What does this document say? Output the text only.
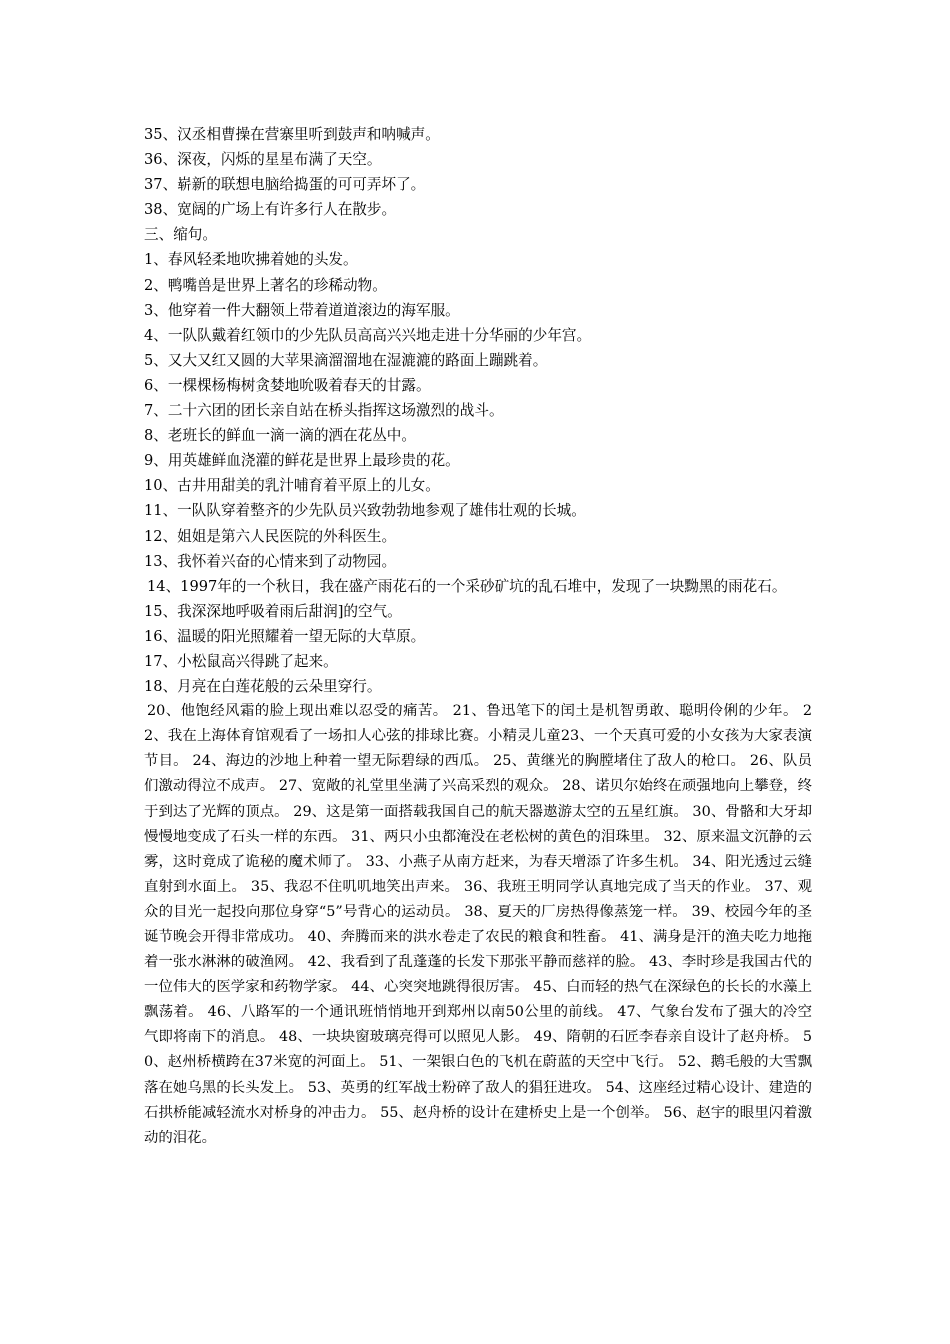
35、汉丞相曹操在营寨里听到鼓声和呐喊声。
36、深夜，闪烁的星星布满了天空。
37、崭新的联想电脑给捣蛋的可可弄坏了。
38、宽阔的广场上有许多行人在散步。
三、缩句。
1、春风轻柔地吹拂着她的头发。
2、鸭嘴兽是世界上著名的珍稀动物。
3、他穿着一件大翻领上带着道道滚边的海军服。
4、一队队戴着红领巾的少先队员高高兴兴地走进十分华丽的少年宫。
5、又大又红又圆的大苹果滴溜溜地在湿漉漉的路面上蹦跳着。
6、一棵棵杨梅树贪婪地吮吸着春天的甘露。
7、二十六团的团长亲自站在桥头指挥这场激烈的战斗。
8、老班长的鲜血一滴一滴的洒在花丛中。
9、用英雄鲜血浇灌的鲜花是世界上最珍贵的花。
10、古井用甜美的乳汁哺育着平原上的儿女。
11、一队队穿着整齐的少先队员兴致勃勃地参观了雄伟壮观的长城。
12、姐姐是第六人民医院的外科医生。
13、我怀着兴奋的心情来到了动物园。
14、1997年的一个秋日，我在盛产雨花石的一个采砂矿坑的乱石堆中，发现了一块黝黑的雨花石。
15、我深深地呼吸着雨后甜润]的空气。
16、温暖的阳光照耀着一望无际的大草原。
17、小松鼠高兴得跳了起来。
18、月亮在白莲花般的云朵里穿行。
20、他饱经风霜的脸上现出难以忍受的痛苦。 21、鲁迅笔下的闰土是机智勇敢、聪明伶俐的少年。 22、我在上海体育馆观看了一场扣人心弦的排球比赛。小精灵儿童23、一个天真可爱的小女孩为大家表演节目。 24、海边的沙地上种着一望无际碧绿的西瓜。 25、黄继光的胸膛堵住了敌人的枪口。 26、队员们激动得泣不成声。 27、宽敞的礼堂里坐满了兴高采烈的观众。 28、诺贝尔始终在顽强地向上攀登，终于到达了光辉的顶点。 29、这是第一面搭载我国自己的航天器遨游太空的五星红旗。 30、骨骼和大牙却慢慢地变成了石头一样的东西。 31、两只小虫都淹没在老松树的黄色的泪珠里。 32、原来温文沉静的云雾，这时竟成了诡秘的魔术师了。 33、小燕子从南方赶来，为春天增添了许多生机。 34、阳光透过云缝直射到水面上。 35、我忍不住叽叽地笑出声来。 36、我班王明同学认真地完成了当天的作业。 37、观众的目光一起投向那位身穿“5”号背心的运动员。 38、夏天的厂房热得像蒸笼一样。 39、校园今年的圣诞节晚会开得非常成功。 40、奔腾而来的洪水卷走了农民的粮食和牲畜。 41、满身是汗的渔夫吃力地拖着一张水淋淋的破渔网。 42、我看到了乱蓬蓬的长发下那张平静而慈祥的脸。 43、李时珍是我国古代的一位伟大的医学家和药物学家。 44、心突突地跳得很厉害。 45、白而轻的热气在深绿色的长长的水藻上飘荡着。 46、八路军的一个通讯班悄悄地开到郑州以南50公里的前线。 47、气象台发布了强大的冷空气即将南下的消息。 48、一块块窗玻璃亮得可以照见人影。 49、隋朝的石匠李春亲自设计了赵舟桥。 50、赵州桥横跨在37米宽的河面上。 51、一架银白色的飞机在蔚蓝的天空中飞行。 52、鹅毛般的大雪飘落在她乌黑的长头发上。 53、英勇的红军战士粉碎了敌人的猖狂进攻。 54、这座经过精心设计、建造的石拱桥能减轻流水对桥身的冲击力。 55、赵舟桥的设计在建桥史上是一个创举。 56、赵宇的眼里闪着激动的泪花。
